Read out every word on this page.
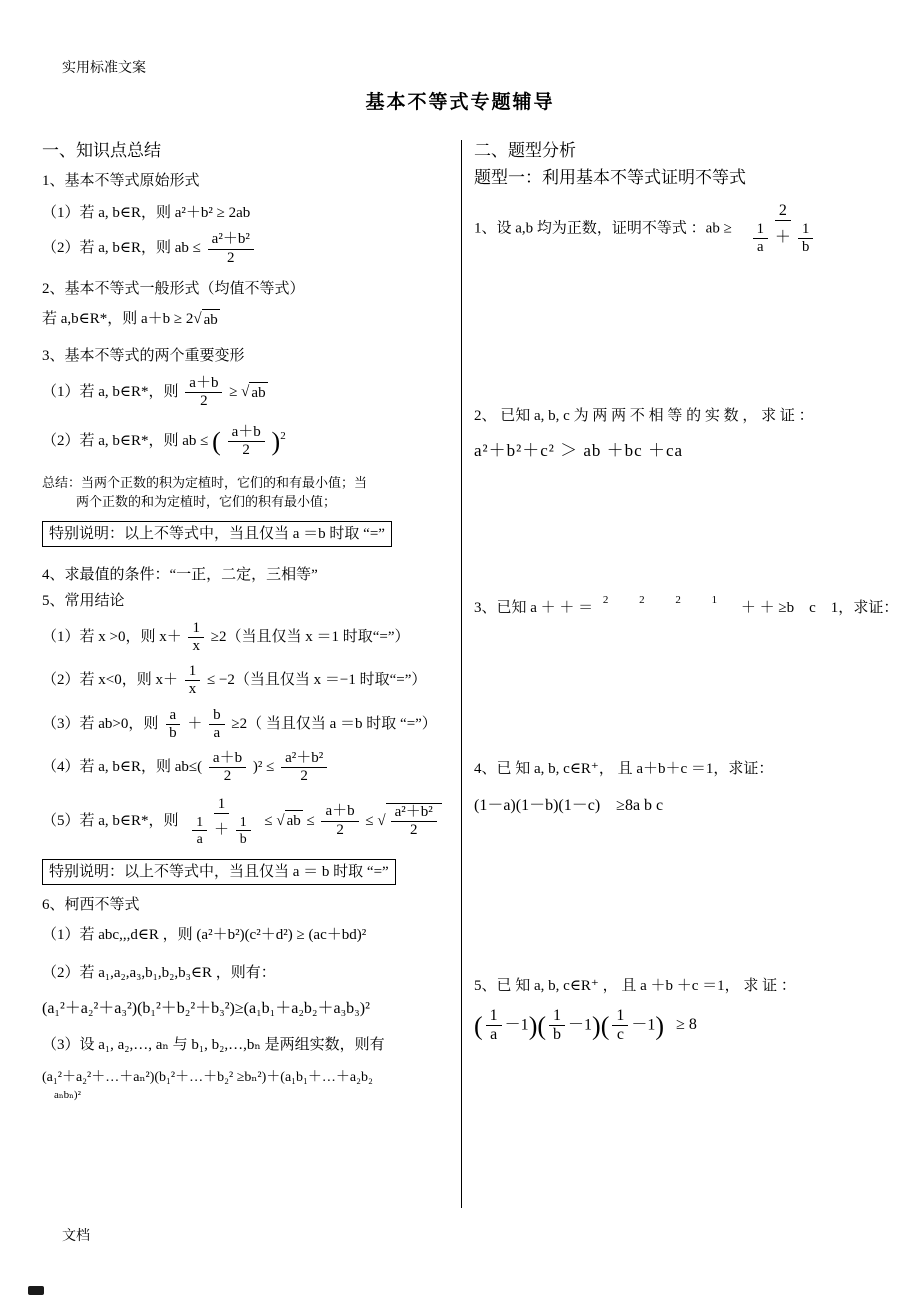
实用标准文案
基本不等式专题辅导
一、知识点总结
1、基本不等式原始形式
（1）若 a, b∈R，则 a²＋b² ≥ 2ab
（2）若 a, b∈R，则 ab ≤ $\frac{\text{a²＋b²}}{2}$
2、基本不等式一般形式（均值不等式）
若 a,b∈R*，则 a＋b ≥ 2√ ab
3、基本不等式的两个重要变形
（1）若 a, b∈R*，则 $\frac{a+b}{2}$ ≥ √ ab
（2）若 a, b∈R*，则 ab ≤ ( $\frac{a+b}{2} )^2$
总结：当两个正数的积为定植时，它们的和有最小值；当
两个正数的和为定植时，它们的积有最小值；
特别说明：以上不等式中，当且仅当 a ＝b 时取 “=”
4、求最值的条件：“一正，二定，三相等”
5、常用结论
（1）若 x >0，则 $x+ \frac{1}{x} \ge 2$（当且仅当 x ＝1 时取“=”）
（2）若 x<0，则 $x+ \frac{1}{x} \le -2$（当且仅当 x ＝−1 时取“=”）
（3）若 ab>0，则 $\frac{a}{b} + \frac{b}{a} \ge 2$（ 当且仅当 a ＝b 时取 “=”）
（4）若 a, b∈R，则 $ab\le( \frac{a+b}{2} )^2 \le \frac{\text{a²＋b²}}{2}$
（5）若 a, b∈R*，则
1
$\frac{1}{a} + \frac{1}{b}$ ≤ √ ab ≤ $\frac{a+b}{2}$ ≤ √ $\frac{\text{a²＋b²}}{2}$
特别说明：以上不等式中，当且仅当 a ＝ b 时取 “=”
6、柯西不等式
（1）若 abc,,,d∈R ，则 (a²＋b²)(c²＋d²) ≥ (ac＋bd)²
（2）若 a₁,a₂,a₃,b₁,b₂,b₃∈R ，则有：
(a₁²＋a₂²＋a₃²)(b₁²＋b₂²＋b₃²)≥(a₁b₁＋a₂b₂＋a₃b₃)²
（3）设 a₁, a₂,…, aₙ 与 b₁, b₂,…,bₙ 是两组实数，则有
(a₁²＋a₂²＋…＋aₙ²)(b₁²＋…＋b₂² ≥bₙ²)＋(a₁b₁＋…＋a₂b₂
aₙbₙ)²
二、题型分析
题型一：利用基本不等式证明不等式
1、设 a,b 均为正数，证明不等式 ：ab ≥
2
$\frac{1}{a} + \frac{1}{b}$
2、 已知 a, b, c 为 两 两 不 相 等 的 实 数 ， 求 证 ：
a²＋b²＋c² ＞ ab ＋bc ＋ca
3、已知 a ＋ ＋ ＝ $^{2 2 2 1}$ ＋ ＋ ≥b　c　1，求证：
4、已 知 a, b, c∈R⁺， 且 a＋b＋c ＝1，求证：
(1－a)(1－b)(1－c)　≥8a b c
5、已 知 a, b, c∈R⁺ ， 且 a ＋b ＋c ＝1， 求 证 ：
( $\frac{1}{a} -1)( \frac{1}{b} -1)( \frac{1}{c} -1) \ge 8$
文档
